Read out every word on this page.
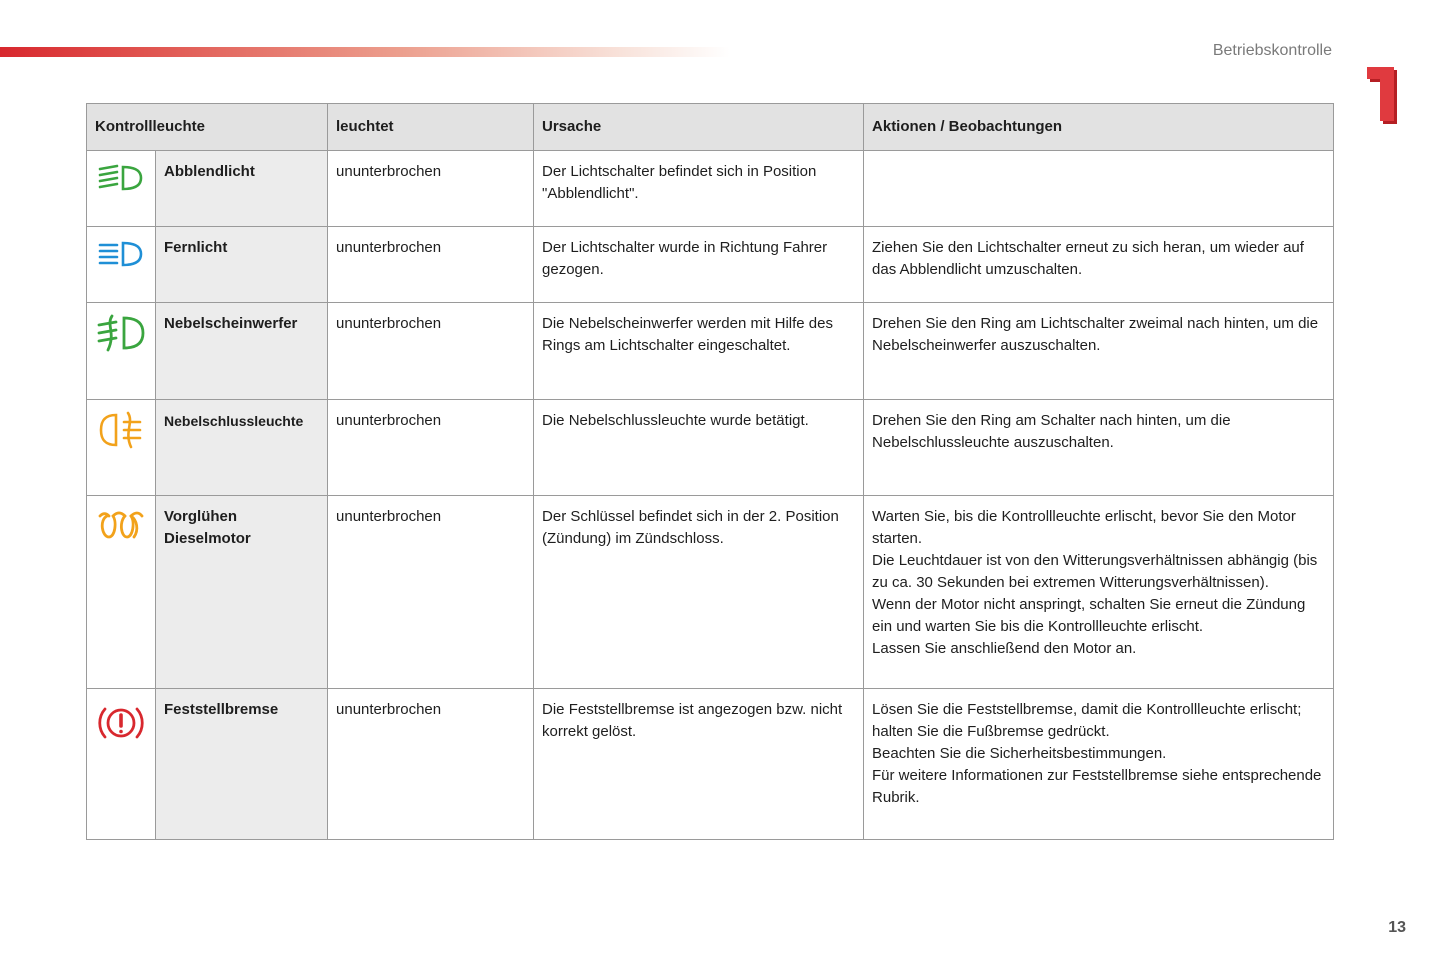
Betriebskontrolle
Kontrollleuchte		leuchtet	Ursache	Aktionen / Beobachtungen

	Abblendlicht	ununterbrochen	Der Lichtschalter befindet sich in Position "Abblendlicht".	

	Fernlicht	ununterbrochen	Der Lichtschalter wurde in Richtung Fahrer gezogen.	Ziehen Sie den Lichtschalter erneut zu sich heran, um wieder auf das Abblendlicht umzuschalten.

	Nebelscheinwerfer	ununterbrochen	Die Nebelscheinwerfer werden mit Hilfe des Rings am Lichtschalter eingeschaltet.	Drehen Sie den Ring am Lichtschalter zweimal nach hinten, um die Nebelscheinwerfer auszuschalten.

	Nebelschlussleuchte	ununterbrochen	Die Nebelschlussleuchte wurde betätigt.	Drehen Sie den Ring am Schalter nach hinten, um die Nebelschlussleuchte auszuschalten.

	Vorglühen Dieselmotor	ununterbrochen	Der Schlüssel befindet sich in der 2. Position (Zündung) im Zündschloss.	Warten Sie, bis die Kontrollleuchte erlischt, bevor Sie den Motor starten.
Die Leuchtdauer ist von den Witterungsverhältnissen abhängig (bis zu ca. 30 Sekunden bei extremen Witterungsverhältnissen).
Wenn der Motor nicht anspringt, schalten Sie erneut die Zündung ein und warten Sie bis die Kontrollleuchte erlischt.
Lassen Sie anschließend den Motor an.

	Feststellbremse	ununterbrochen	Die Feststellbremse ist angezogen bzw. nicht korrekt gelöst.	Lösen Sie die Feststellbremse, damit die Kontrollleuchte erlischt; halten Sie die Fußbremse gedrückt.
Beachten Sie die Sicherheitsbestimmungen.
Für weitere Informationen zur Feststellbremse siehe entsprechende Rubrik.
13
